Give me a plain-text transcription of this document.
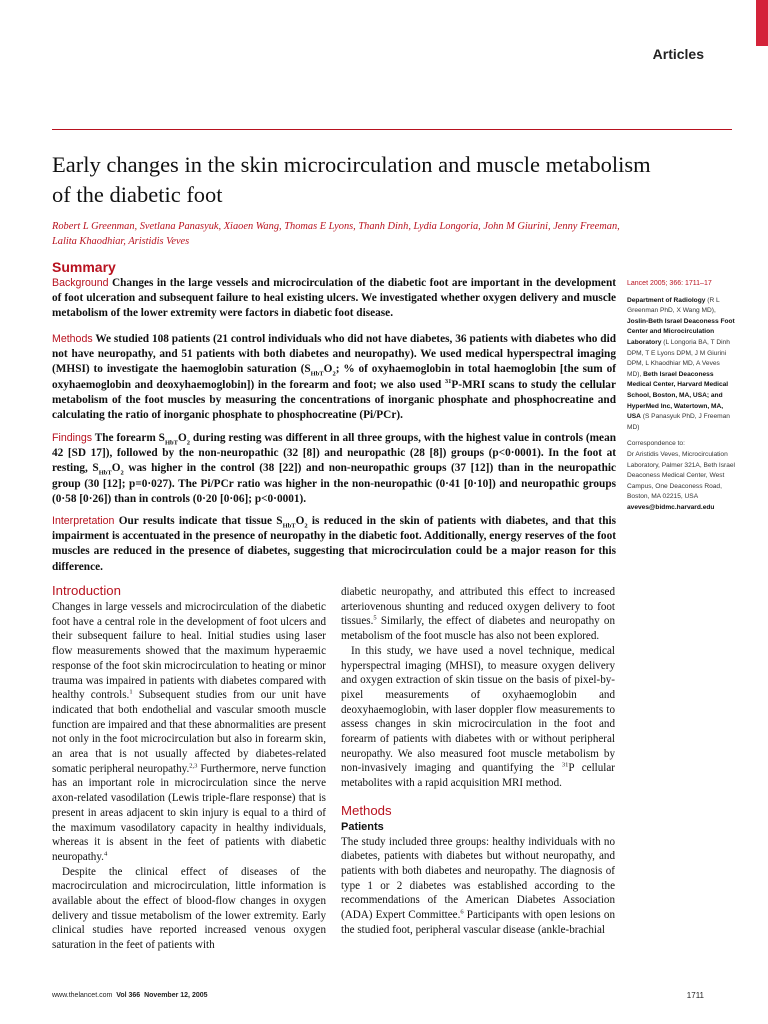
Articles
Early changes in the skin microcirculation and muscle metabolism of the diabetic foot
Robert L Greenman, Svetlana Panasyuk, Xiaoen Wang, Thomas E Lyons, Thanh Dinh, Lydia Longoria, John M Giurini, Jenny Freeman, Lalita Khaodhiar, Aristidis Veves
Summary

Background Changes in the large vessels and microcirculation of the diabetic foot are important in the development of foot ulceration and subsequent failure to heal existing ulcers. We investigated whether oxygen delivery and muscle metabolism of the lower extremity were factors in diabetic foot disease.

Methods We studied 108 patients (21 control individuals who did not have diabetes, 36 patients with diabetes who did not have neuropathy, and 51 patients with both diabetes and neuropathy). We used medical hyperspectral imaging (MHSI) to investigate the haemoglobin saturation ($S_{HbT}O_2$; % of oxyhaemoglobin in total haemoglobin [the sum of oxyhaemoglobin and deoxyhaemoglobin]) in the forearm and foot; we also used $^{31}$P-MRI scans to study the cellular metabolism of the foot muscles by measuring the concentrations of inorganic phosphate and phosphocreatine and calculating the ratio of inorganic phosphate to phosphocreatine (Pi/PCr).

Findings The forearm $S_{HbT}O_2$ during resting was different in all three groups, with the highest value in controls (mean 42 [SD 17]), followed by the non-neuropathic (32 [8]) and neuropathic (28 [8]) groups (p<0·0001). In the foot at resting, $S_{HbT}O_2$ was higher in the control (38 [22]) and non-neuropathic groups (37 [12]) than in the neuropathic group (30 [12]; p=0·027). The Pi/PCr ratio was higher in the non-neuropathic (0·41 [0·10]) and neuropathic groups (0·58 [0·26]) than in controls (0·20 [0·06]; p<0·0001).

Interpretation Our results indicate that tissue $S_{HbT}O_2$ is reduced in the skin of patients with diabetes, and that this impairment is accentuated in the presence of neuropathy in the diabetic foot. Additionally, energy reserves of the foot muscles are reduced in the presence of diabetes, suggesting that microcirculation could be a major reason for this difference.

Lancet 2005; 366: 1711–17
Department of Radiology (R L Greenman PhD, X Wang MD), Joslin-Beth Israel Deaconess Foot Center and Microcirculation Laboratory (L Longoria BA, T Dinh DPM, T E Lyons DPM, J M Giurini DPM, L Khaodhiar MD, A Veves MD), Beth Israel Deaconess Medical Center, Harvard Medical School, Boston, MA, USA; and HyperMed Inc, Watertown, MA, USA (S Panasyuk PhD, J Freeman MD)
Correspondence to:
Dr Aristidis Veves, Microcirculation Laboratory, Palmer 321A, Beth Israel Deaconess Medical Center, West Campus, One Deaconess Road, Boston, MA 02215, USA
aveves@bidmc.harvard.edu
Introduction

Changes in large vessels and microcirculation of the diabetic foot have a central role in the development of foot ulcers and their subsequent failure to heal. Initial studies using laser flow measurements showed that the maximum hyperaemic response of the foot skin microcirculation to heating or minor trauma was impaired in patients with diabetes compared with healthy controls.$^1$ Subsequent studies from our unit have indicated that both endothelial and vascular smooth muscle function are impaired and that these abnormalities are present not only in the foot microcirculation but also in forearm skin, an area that is not usually affected by diabetes-related somatic peripheral neuropathy.$^{2,3}$ Furthermore, nerve function has an important role in microcirculation since the nerve axon-related vasodilation (Lewis triple-flare response) that is present in areas adjacent to skin injury is equal to a third of the maximum vasodilatory capacity in healthy individuals, whereas it is absent in the feet of patients with diabetic neuropathy.$^4$

Despite the clinical effect of diseases of the macrocirculation and microcirculation, little information is available about the effect of blood-flow changes in oxygen delivery and tissue metabolism of the lower extremity. Early clinical studies have reported increased venous oxygen saturation in the feet of patients with

diabetic neuropathy, and attributed this effect to increased arteriovenous shunting and reduced oxygen delivery to foot tissues.$^5$ Similarly, the effect of diabetes and neuropathy on metabolism of the foot muscle has also not been explored.

In this study, we have used a novel technique, medical hyperspectral imaging (MHSI), to measure oxygen delivery and oxygen extraction of skin tissue on the basis of pixel-by-pixel measurements of oxyhaemoglobin and deoxyhaemoglobin, with laser doppler flow measurements to assess changes in skin microcirculation in the foot and forearm of patients with diabetes with or without peripheral neuropathy. We also measured foot muscle metabolism by non-invasively imaging and quantifying the $^{31}$P cellular metabolites with a rapid acquisition MRI method.

Methods
Patients

The study included three groups: healthy individuals with no diabetes, patients with diabetes but without neuropathy, and patients with both diabetes and neuropathy. The diagnosis of type 1 or 2 diabetes was established according to the recommendations of the American Diabetes Association (ADA) Expert Committee.$^6$ Participants with open lesions on the studied foot, peripheral vascular disease (ankle-brachial

www.thelancet.com Vol 366 November 12, 2005	1711
